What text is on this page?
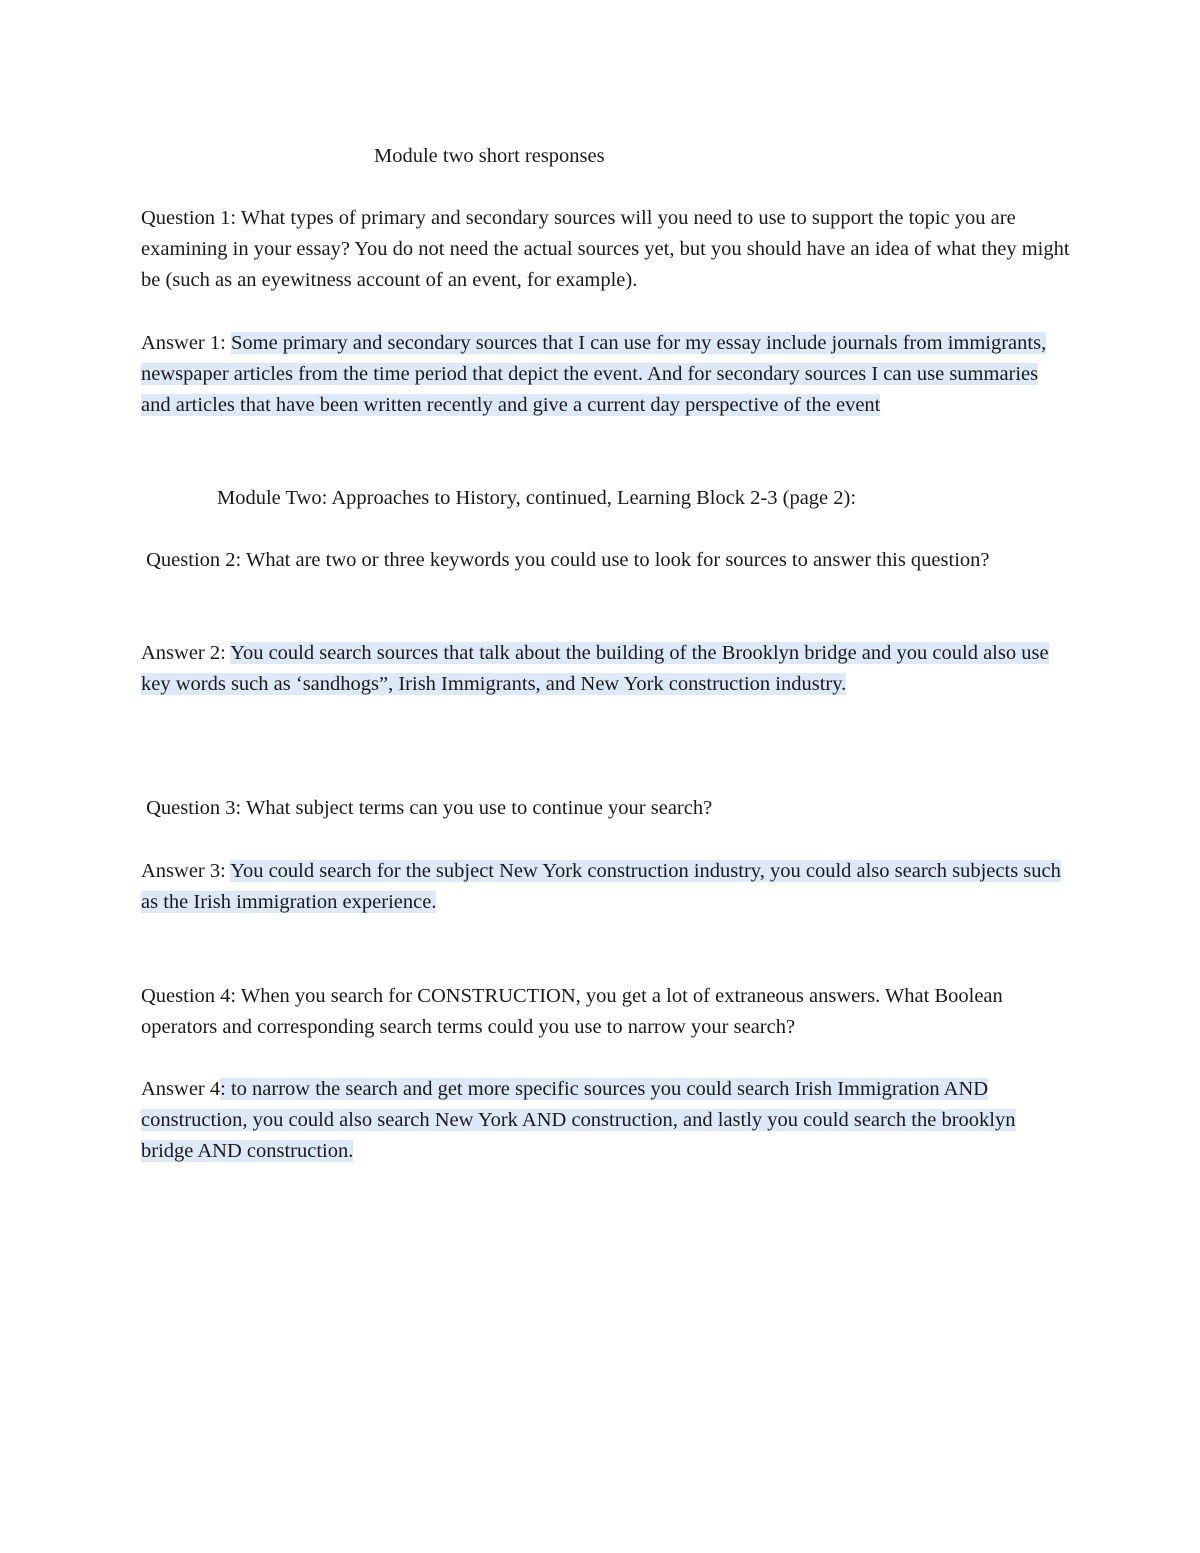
Module two short responses

Question 1: What types of primary and secondary sources will you need to use to support the topic you are examining in your essay? You do not need the actual sources yet, but you should have an idea of what they might be (such as an eyewitness account of an event, for example).

Answer 1: Some primary and secondary sources that I can use for my essay include journals from immigrants, newspaper articles from the time period that depict the event. And for secondary sources I can use summaries and articles that have been written recently and give a current day perspective of the event

Module Two: Approaches to History, continued, Learning Block 2-3 (page 2):

Question 2: What are two or three keywords you could use to look for sources to answer this question?

Answer 2: You could search sources that talk about the building of the Brooklyn bridge and you could also use key words such as ‘sandhogs”, Irish Immigrants, and New York construction industry.

Question 3: What subject terms can you use to continue your search?

Answer 3: You could search for the subject New York construction industry, you could also search subjects such as the Irish immigration experience.

Question 4: When you search for CONSTRUCTION, you get a lot of extraneous answers. What Boolean operators and corresponding search terms could you use to narrow your search?

Answer 4: to narrow the search and get more specific sources you could search Irish Immigration AND construction, you could also search New York AND construction, and lastly you could search the brooklyn bridge AND construction.
